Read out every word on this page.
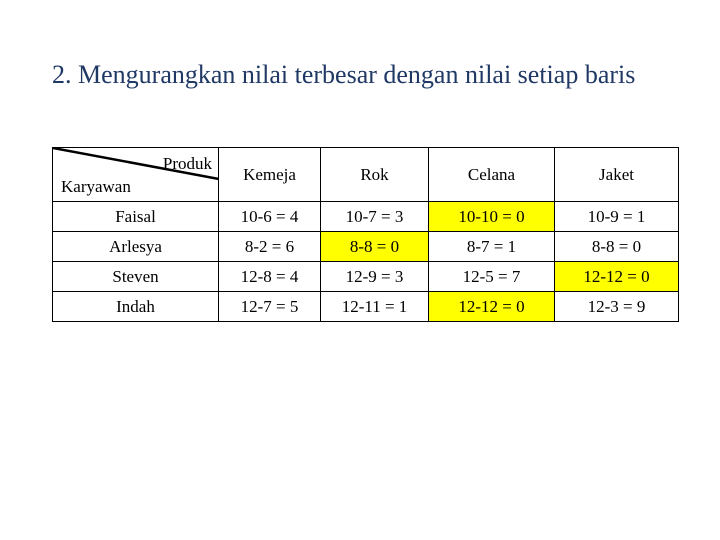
2. Mengurangkan nilai terbesar dengan nilai setiap baris
Produk
Karyawan	Kemeja	Rok	Celana	Jaket
Faisal	10-6 = 4	10-7 = 3	10-10 = 0	10-9 = 1
Arlesya	8-2 = 6	8-8 = 0	8-7 = 1	8-8 = 0
Steven	12-8 = 4	12-9 = 3	12-5 = 7	12-12 = 0
Indah	12-7 = 5	12-11 = 1	12-12 = 0	12-3 = 9
